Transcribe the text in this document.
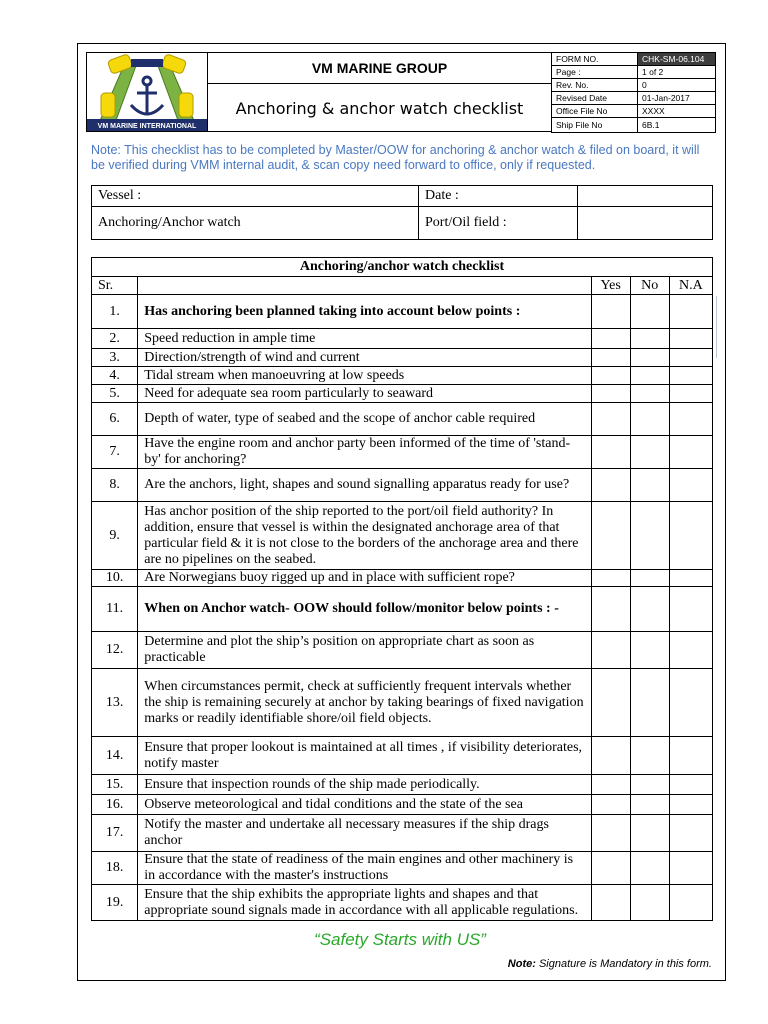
VM MARINE INTERNATIONAL
VM MARINE GROUP
Anchoring & anchor watch checklist
FORM NO.	CHK-SM-06.104
Page :	1 of 2
Rev. No.	0
Revised Date	01-Jan-2017
Office File No	XXXX
Ship File No	6B.1
Note: This checklist has to be completed by Master/OOW for anchoring & anchor watch & filed on board, it will be verified during VMM internal audit, & scan copy need forward to office, only if requested.
Vessel :	Date :	
Anchoring/Anchor watch	Port/Oil field :	
Anchoring/anchor watch checklist				
Sr.		Yes	No	N.A
1.	Has anchoring been planned taking into account below points :			
2.	Speed reduction in ample time			
3.	Direction/strength of wind and current			
4.	Tidal stream when manoeuvring at low speeds			
5.	Need for adequate sea room particularly to seaward			
6.	Depth of water, type of seabed and the scope of anchor cable required			
7.	Have the engine room and anchor party been informed of the time of 'stand-by' for anchoring?			
8.	Are the anchors, light, shapes and sound signalling apparatus ready for use?			
9.	Has anchor position of the ship reported to the port/oil field authority? In addition, ensure that vessel is within the designated anchorage area of that particular field & it is not close to the borders of the anchorage area and there are no pipelines on the seabed.			
10.	Are Norwegians buoy rigged up and in place with sufficient rope?			
11.	When on Anchor watch- OOW should follow/monitor below points : -			
12.	Determine and plot the ship’s position on appropriate chart as soon as practicable			
13.	When circumstances permit, check at sufficiently frequent intervals whether the ship is remaining securely at anchor by taking bearings of fixed navigation marks or readily identifiable shore/oil field objects.			
14.	Ensure that proper lookout is maintained at all times , if visibility deteriorates, notify master			
15.	Ensure that inspection rounds of the ship made periodically.			
16.	Observe meteorological and tidal conditions and the state of the sea			
17.	Notify the master and undertake all necessary measures if the ship drags anchor			
18.	Ensure that the state of readiness of the main engines and other machinery is in accordance with the master's instructions			
19.	Ensure that the ship exhibits the appropriate lights and shapes and that appropriate sound signals made in accordance with all applicable regulations.			
“Safety Starts with US”
Note: Signature is Mandatory in this form.
